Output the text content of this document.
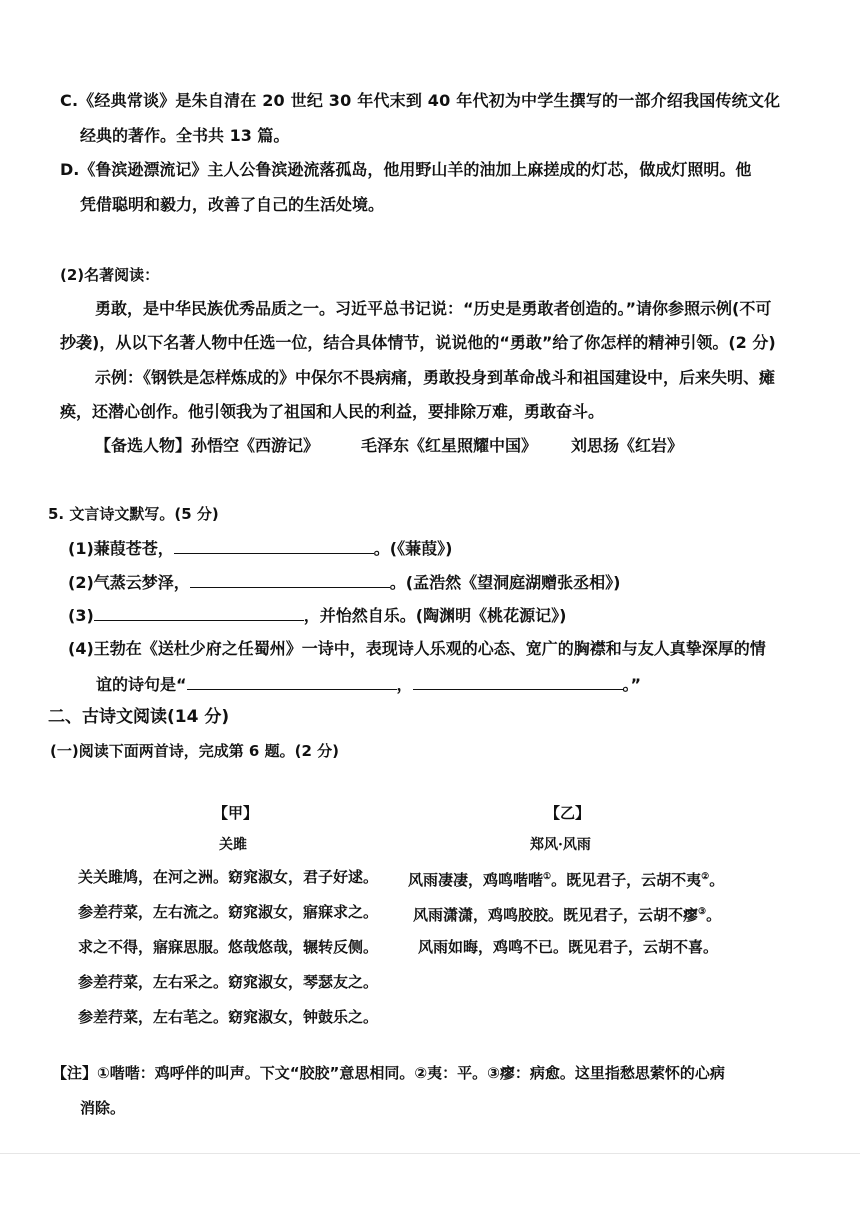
C.《经典常谈》是朱自清在 20 世纪 30 年代末到 40 年代初为中学生撰写的一部介绍我国传统文化
经典的著作。全书共 13 篇。
D.《鲁滨逊漂流记》主人公鲁滨逊流落孤岛，他用野山羊的油加上麻搓成的灯芯，做成灯照明。他
凭借聪明和毅力，改善了自己的生活处境。
(2)名著阅读：
勇敢，是中华民族优秀品质之一。习近平总书记说：“历史是勇敢者创造的。”请你参照示例(不可
抄袭)，从以下名著人物中任选一位，结合具体情节，说说他的“勇敢”给了你怎样的精神引领。(2 分)
示例：《钢铁是怎样炼成的》中保尔不畏病痛，勇敢投身到革命战斗和祖国建设中，后来失明、瘫
痪，还潜心创作。他引领我为了祖国和人民的利益，要排除万难，勇敢奋斗。
【备选人物】孙悟空《西游记》	毛泽东《红星照耀中国》 刘思扬《红岩》
5. 文言诗文默写。(5 分)
(1)蒹葭苍苍，	。(《蒹葭》)
(2)气蒸云梦泽，	。(孟浩然《望洞庭湖赠张丞相》)
(3)	，并怡然自乐。(陶渊明《桃花源记》)
(4)王勃在《送杜少府之任蜀州》一诗中，表现诗人乐观的心态、宽广的胸襟和与友人真挚深厚的情
谊的诗句是“	，	。”
二、古诗文阅读(14 分)
(一)阅读下面两首诗，完成第 6 题。(2 分)
【甲】
关雎
关关雎鸠，在河之洲。窈窕淑女，君子好逑。
参差荇菜，左右流之。窈窕淑女，寤寐求之。
求之不得，寤寐思服。悠哉悠哉，辗转反侧。
参差荇菜，左右采之。窈窕淑女，琴瑟友之。
参差荇菜，左右芼之。窈窕淑女，钟鼓乐之。
【乙】
郑风·风雨
风雨凄凄，鸡鸣喈喈①。既见君子，云胡不夷②。
风雨潇潇，鸡鸣胶胶。既见君子，云胡不瘳③。
风雨如晦，鸡鸣不已。既见君子，云胡不喜。
【注】①喈喈：鸡呼伴的叫声。下文“胶胶”意思相同。②夷：平。③瘳：病愈。这里指愁思萦怀的心病
消除。
